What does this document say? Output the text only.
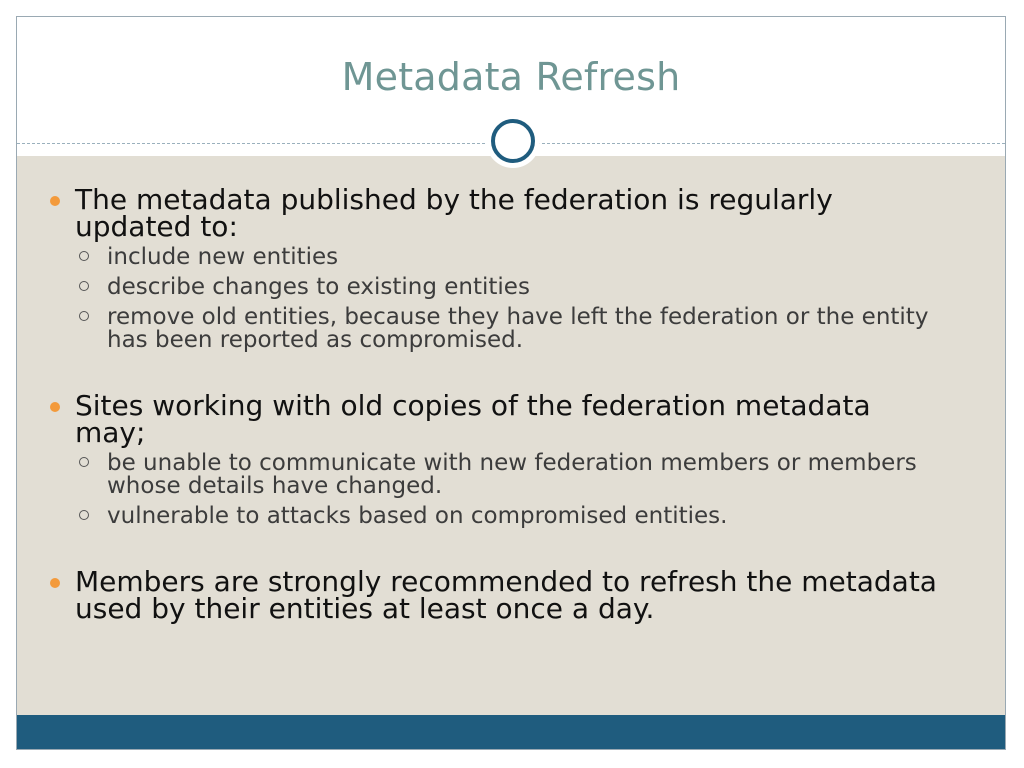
Metadata Refresh
The metadata published by the federation is regularly updated to:
include new entities
describe changes to existing entities
remove old entities, because they have left the federation or the entity has been reported as compromised.
Sites working with old copies of the federation metadata may;
be unable to communicate with new federation members or members whose details have changed.
vulnerable to attacks based on compromised entities.
Members are strongly recommended to refresh the metadata used by their entities at least once a day.
